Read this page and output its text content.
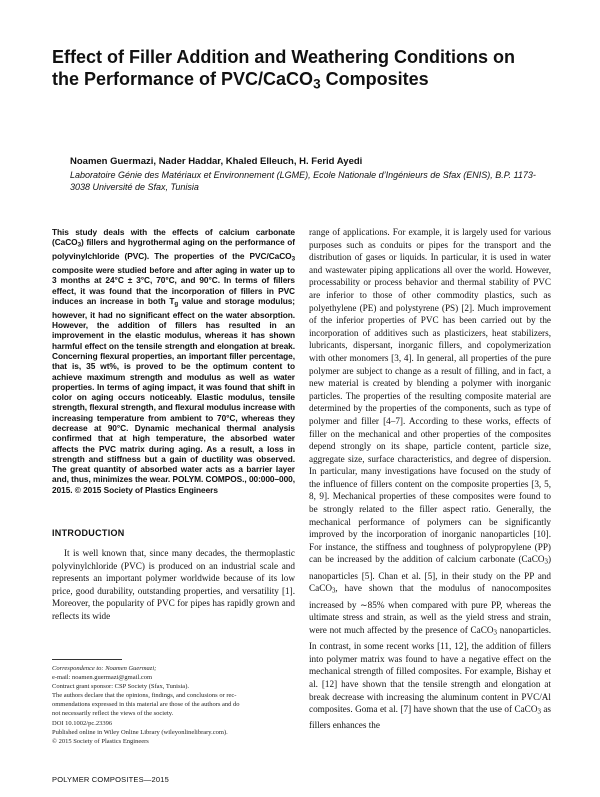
Effect of Filler Addition and Weathering Conditions on
the Performance of PVC/CaCO$_3$ Composites
Noamen Guermazi, Nader Haddar, Khaled Elleuch, H. Ferid Ayedi
Laboratoire Génie des Matériaux et Environnement (LGME), Ecole Nationale d’Ingénieurs de Sfax (ENIS), B.P. 1173-3038 Université de Sfax, Tunisia
This study deals with the effects of calcium carbonate (CaCO$_3$) fillers and hygrothermal aging on the performance of polyvinylchloride (PVC). The properties of the PVC/CaCO$_3$ composite were studied before and after aging in water up to 3 months at 24°C ± 3°C, 70°C, and 90°C. In terms of fillers effect, it was found that the incorporation of fillers in PVC induces an increase in both $T_g$ value and storage modulus; however, it had no significant effect on the water absorption. However, the addition of fillers has resulted in an improvement in the elastic modulus, whereas it has shown harmful effect on the tensile strength and elongation at break. Concerning flexural properties, an important filler percentage, that is, 35 wt%, is proved to be the optimum content to achieve maximum strength and modulus as well as water properties. In terms of aging impact, it was found that shift in color on aging occurs noticeably. Elastic modulus, tensile strength, flexural strength, and flexural modulus increase with increasing temperature from ambient to 70°C, whereas they decrease at 90°C. Dynamic mechanical thermal analysis confirmed that at high temperature, the absorbed water affects the PVC matrix during aging. As a result, a loss in strength and stiffness but a gain of ductility was observed. The great quantity of absorbed water acts as a barrier layer and, thus, minimizes the wear. POLYM. COMPOS., 00:000–000, 2015. © 2015 Society of Plastics Engineers
INTRODUCTION

It is well known that, since many decades, the thermoplastic polyvinylchloride (PVC) is produced on an industrial scale and represents an important polymer worldwide because of its low price, good durability, outstanding properties, and versatility [1]. Moreover, the popularity of PVC for pipes has rapidly grown and reflects its wide

Correspondence to: Noamen Guermazi;
e-mail: noamen.guermazi@gmail.com
Contract grant sponsor: CSP Society (Sfax, Tunisia).
The authors declare that the opinions, findings, and conclusions or rec-
ommendations expressed in this material are those of the authors and do
not necessarily reflect the views of the society.
DOI 10.1002/pc.23396
Published online in Wiley Online Library (wileyonlinelibrary.com).
© 2015 Society of Plastics Engineers

range of applications. For example, it is largely used for various purposes such as conduits or pipes for the transport and the distribution of gases or liquids. In particular, it is used in water and wastewater piping applications all over the world. However, processability or process behavior and thermal stability of PVC are inferior to those of other commodity plastics, such as polyethylene (PE) and polystyrene (PS) [2]. Much improvement of the inferior properties of PVC has been carried out by the incorporation of additives such as plasticizers, heat stabilizers, lubricants, dispersant, inorganic fillers, and copolymerization with other monomers [3, 4]. In general, all properties of the pure polymer are subject to change as a result of filling, and in fact, a new material is created by blending a polymer with inorganic particles. The properties of the resulting composite material are determined by the properties of the components, such as type of polymer and filler [4–7]. According to these works, effects of filler on the mechanical and other properties of the composites depend strongly on its shape, particle content, particle size, aggregate size, surface characteristics, and degree of dispersion. In particular, many investigations have focused on the study of the influence of fillers content on the composite properties [3, 5, 8, 9]. Mechanical properties of these composites were found to be strongly related to the filler aspect ratio. Generally, the mechanical performance of polymers can be significantly improved by the incorporation of inorganic nanoparticles [10]. For instance, the stiffness and toughness of polypropylene (PP) can be increased by the addition of calcium carbonate (CaCO$_3$) nanoparticles [5]. Chan et al. [5], in their study on the PP and CaCO$_3$, have shown that the modulus of nanocomposites increased by ∼85% when compared with pure PP, whereas the ultimate stress and strain, as well as the yield stress and strain, were not much affected by the presence of CaCO$_3$ nanoparticles. In contrast, in some recent works [11, 12], the addition of fillers into polymer matrix was found to have a negative effect on the mechanical strength of filled composites. For example, Bishay et al. [12] have shown that the tensile strength and elongation at break decrease with increasing the aluminum content in PVC/Al composites. Goma et al. [7] have shown that the use of CaCO$_3$ as fillers enhances the

POLYMER COMPOSITES—2015
